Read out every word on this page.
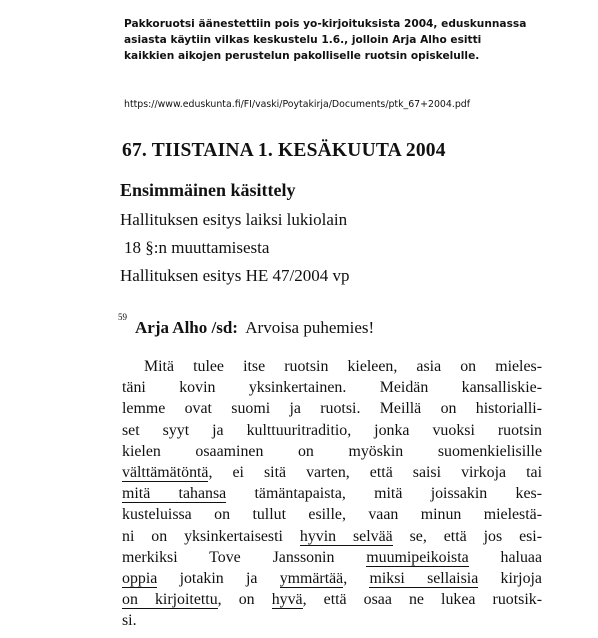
Pakkoruotsi äänestettiin pois yo-kirjoituksista 2004, eduskunnassa
asiasta käytiin vilkas keskustelu 1.6., jolloin Arja Alho esitti
kaikkien aikojen perustelun pakolliselle ruotsin opiskelulle.
https://www.eduskunta.fi/FI/vaski/Poytakirja/Documents/ptk_67+2004.pdf
67. TIISTAINA 1. KESÄKUUTA 2004
Ensimmäinen käsittely
Hallituksen esitys laiksi lukiolain
18 §:n muuttamisesta
Hallituksen esitys HE 47/2004 vp
$^{59}$Arja Alho /sd: Arvoisa puhemies!
Mitä tulee itse ruotsin kieleen, asia on mieles-
täni kovin yksinkertainen. Meidän kansalliskie-
lemme ovat suomi ja ruotsi. Meillä on historialli-
set syyt ja kulttuuritraditio, jonka vuoksi ruotsin
kielen osaaminen on myöskin suomenkielisille
välttämätöntä, ei sitä varten, että saisi virkoja tai
mitä tahansa tämäntapaista, mitä joissakin kes-
kusteluissa on tullut esille, vaan minun mielestä-
ni on yksinkertaisesti hyvin selvää se, että jos esi-
merkiksi Tove Janssonin muumipeikoista haluaa
oppia jotakin ja ymmärtää, miksi sellaisia kirjoja
on kirjoitettu, on hyvä, että osaa ne lukea ruotsik-
si.
